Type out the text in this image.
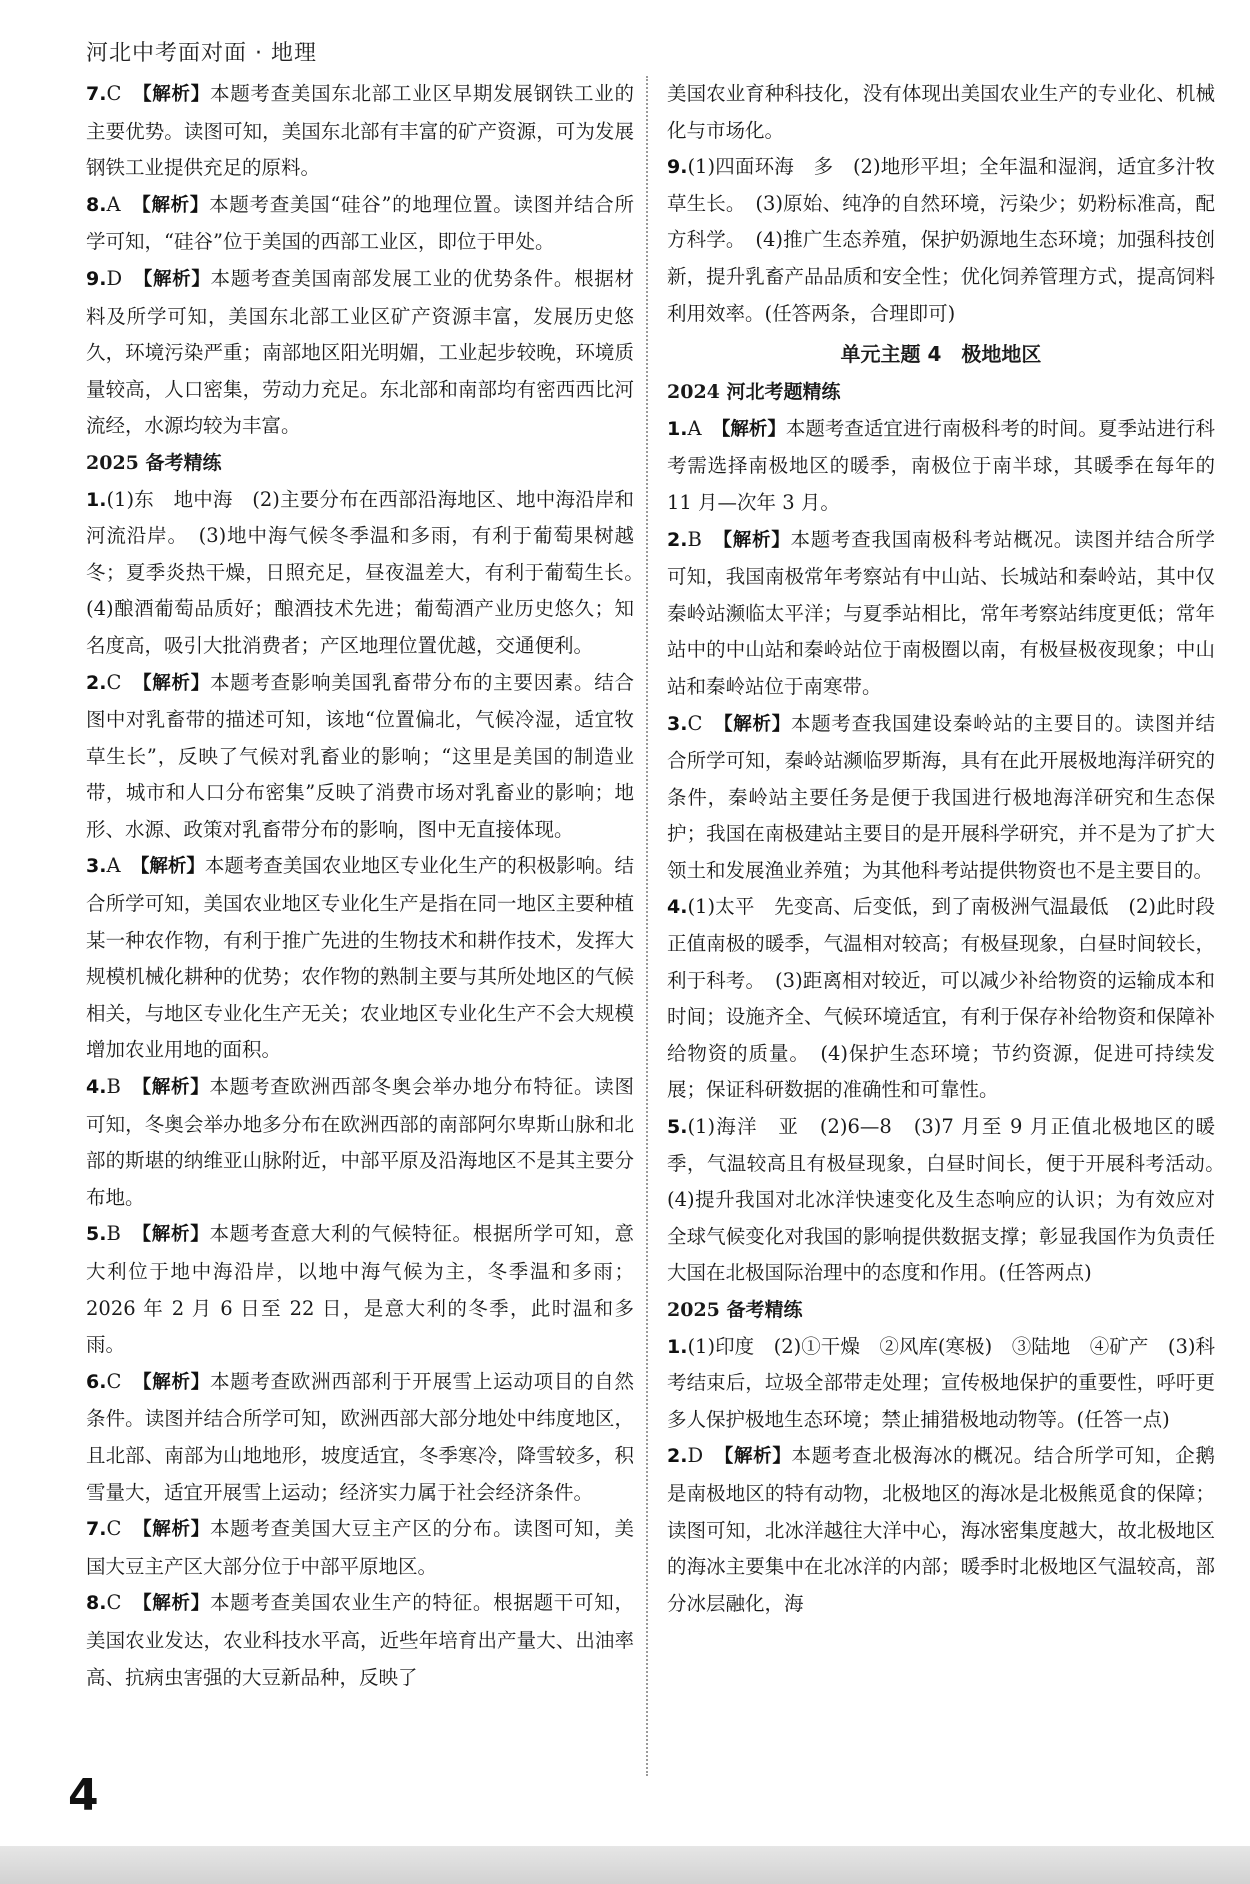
河北中考面对面 · 地理

7.C　 【解析】本题考查美国东北部工业区早期发展钢铁工业的主要优势。读图可知，美国东北部有丰富的矿产资源，可为发展钢铁工业提供充足的原料。

8.A　 【解析】本题考查美国“硅谷”的地理位置。读图并结合所学可知，“硅谷”位于美国的西部工业区，即位于甲处。

9.D　 【解析】本题考查美国南部发展工业的优势条件。根据材料及所学可知，美国东北部工业区矿产资源丰富，发展历史悠久，环境污染严重；南部地区阳光明媚，工业起步较晚，环境质量较高，人口密集，劳动力充足。东北部和南部均有密西西比河流经，水源均较为丰富。

2025 备考精练

1.(1)东　地中海　(2)主要分布在西部沿海地区、地中海沿岸和河流沿岸。　(3)地中海气候冬季温和多雨，有利于葡萄果树越冬；夏季炎热干燥，日照充足，昼夜温差大，有利于葡萄生长。　(4)酿酒葡萄品质好；酿酒技术先进；葡萄酒产业历史悠久；知名度高，吸引大批消费者；产区地理位置优越，交通便利。

2.C　 【解析】本题考查影响美国乳畜带分布的主要因素。结合图中对乳畜带的描述可知，该地“位置偏北，气候冷湿，适宜牧草生长”，反映了气候对乳畜业的影响；“这里是美国的制造业带，城市和人口分布密集”反映了消费市场对乳畜业的影响；地形、水源、政策对乳畜带分布的影响，图中无直接体现。

3.A　 【解析】本题考查美国农业地区专业化生产的积极影响。结合所学可知，美国农业地区专业化生产是指在同一地区主要种植某一种农作物，有利于推广先进的生物技术和耕作技术，发挥大规模机械化耕种的优势；农作物的熟制主要与其所处地区的气候相关，与地区专业化生产无关；农业地区专业化生产不会大规模增加农业用地的面积。

4.B　 【解析】本题考查欧洲西部冬奥会举办地分布特征。读图可知，冬奥会举办地多分布在欧洲西部的南部阿尔卑斯山脉和北部的斯堪的纳维亚山脉附近，中部平原及沿海地区不是其主要分布地。

5.B　 【解析】本题考查意大利的气候特征。根据所学可知，意大利位于地中海沿岸，以地中海气候为主，冬季温和多雨；2026 年 2 月 6 日至 22 日，是意大利的冬季，此时温和多雨。

6.C　 【解析】本题考查欧洲西部利于开展雪上运动项目的自然条件。读图并结合所学可知，欧洲西部大部分地处中纬度地区，且北部、南部为山地地形，坡度适宜，冬季寒冷，降雪较多，积雪量大，适宜开展雪上运动；经济实力属于社会经济条件。

7.C　 【解析】本题考查美国大豆主产区的分布。读图可知，美国大豆主产区大部分位于中部平原地区。

8.C　 【解析】本题考查美国农业生产的特征。根据题干可知，美国农业发达，农业科技水平高，近些年培育出产量大、出油率高、抗病虫害强的大豆新品种，反映了

美国农业育种科技化，没有体现出美国农业生产的专业化、机械化与市场化。

9.(1)四面环海　多　(2)地形平坦；全年温和湿润，适宜多汁牧草生长。　(3)原始、纯净的自然环境，污染少；奶粉标准高，配方科学。　(4)推广生态养殖，保护奶源地生态环境；加强科技创新，提升乳畜产品品质和安全性；优化饲养管理方式，提高饲料利用效率。(任答两条，合理即可)

单元主题 4　极地地区

2024 河北考题精练

1.A　 【解析】本题考查适宜进行南极科考的时间。夏季站进行科考需选择南极地区的暖季，南极位于南半球，其暖季在每年的 11 月—次年 3 月。

2.B　 【解析】本题考查我国南极科考站概况。读图并结合所学可知，我国南极常年考察站有中山站、长城站和秦岭站，其中仅秦岭站濒临太平洋；与夏季站相比，常年考察站纬度更低；常年站中的中山站和秦岭站位于南极圈以南，有极昼极夜现象；中山站和秦岭站位于南寒带。

3.C　 【解析】本题考查我国建设秦岭站的主要目的。读图并结合所学可知，秦岭站濒临罗斯海，具有在此开展极地海洋研究的条件，秦岭站主要任务是便于我国进行极地海洋研究和生态保护；我国在南极建站主要目的是开展科学研究，并不是为了扩大领土和发展渔业养殖；为其他科考站提供物资也不是主要目的。

4.(1)太平　先变高、后变低，到了南极洲气温最低　(2)此时段正值南极的暖季，气温相对较高；有极昼现象，白昼时间较长，利于科考。　(3)距离相对较近，可以减少补给物资的运输成本和时间；设施齐全、气候环境适宜，有利于保存补给物资和保障补给物资的质量。　(4)保护生态环境；节约资源，促进可持续发展；保证科研数据的准确性和可靠性。

5.(1)海洋　亚　(2)6—8　(3)7 月至 9 月正值北极地区的暖季，气温较高且有极昼现象，白昼时间长，便于开展科考活动。　(4)提升我国对北冰洋快速变化及生态响应的认识；为有效应对全球气候变化对我国的影响提供数据支撑；彰显我国作为负责任大国在北极国际治理中的态度和作用。(任答两点)

2025 备考精练

1.(1)印度　(2)①干燥　②风库(寒极)　③陆地　④矿产　(3)科考结束后，垃圾全部带走处理；宣传极地保护的重要性，呼吁更多人保护极地生态环境；禁止捕猎极地动物等。(任答一点)

2.D　 【解析】本题考查北极海冰的概况。结合所学可知，企鹅是南极地区的特有动物，北极地区的海冰是北极熊觅食的保障；读图可知，北冰洋越往大洋中心，海冰密集度越大，故北极地区的海冰主要集中在北冰洋的内部；暖季时北极地区气温较高，部分冰层融化，海

4
